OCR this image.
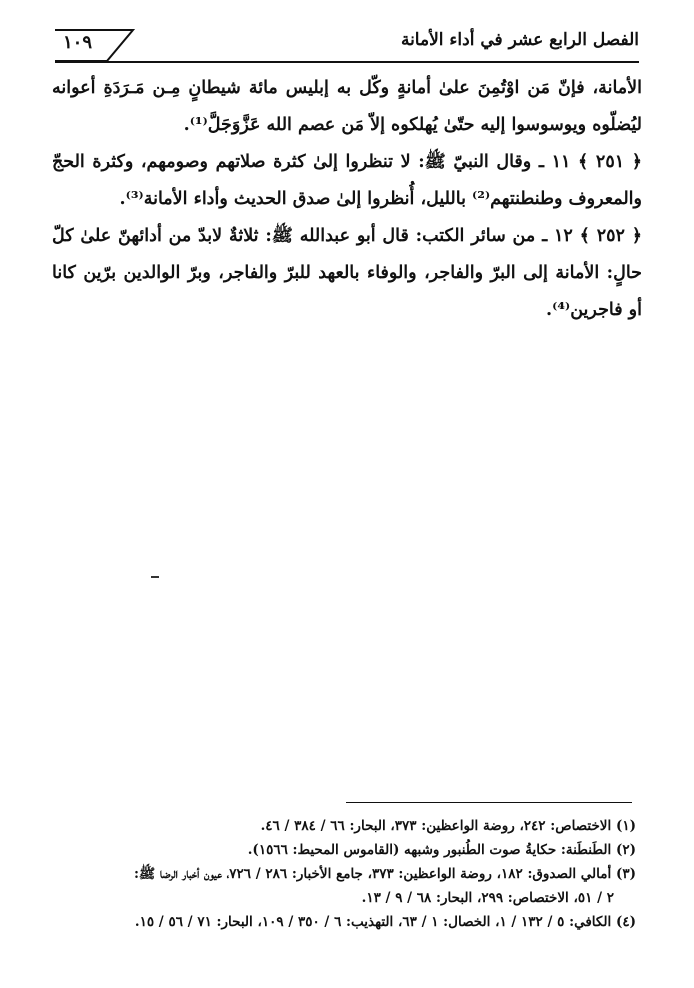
١٠٩	الفصل الرابع عشر في أداء الأمانة

الأمانة، فإنّ مَن اوْتُمِنَ علىٰ أمانةٍ وكّل به إبليس مائة شيطانٍ مِـن مَـرَدَةِ أعوانه ليُضلّوه ويوسوسوا إليه حتّىٰ يُهلكوه إلاّ مَن عصم الله عَزَّوَجَلَّ⁽¹⁾.

﴿ ٢٥١ ﴾ ١١ ـ وقال النبيّ ﷺ: لا تنظروا إلىٰ كثرة صلاتهم وصومهم، وكثرة الحجّ والمعروف وطنطنتهم⁽²⁾ بالليل، أُنظروا إلىٰ صدق الحديث وأداء الأمانة⁽³⁾.

﴿ ٢٥٢ ﴾ ١٢ ـ من سائر الكتب: قال أبو عبدالله ﷺ: ثلاثةٌ لابدّ من أدائهنّ علىٰ كلّ حالٍ: الأمانة إلى البرّ والفاجر، والوفاء بالعهد للبرّ والفاجر، وبرّ الوالدين برّين كانا أو فاجرين⁽⁴⁾.

(١) الاختصاص: ٢٤٢، روضة الواعظين: ٣٧٣، البحار: ٦٦ / ٣٨٤ / ٤٦.

(٢) الطَنطَنة: حكايةُ صوت الطُنبور وشبهه (القاموس المحيط: ١٥٦٦).

(٣) أمالي الصدوق: ١٨٢، روضة الواعظين: ٣٧٣، جامع الأخبار: ٢٨٦ / ٧٢٦، عيون أخبار الرضا ﷺ:

٢ / ٥١، الاختصاص: ٢٩٩، البحار: ٦٨ / ٩ / ١٣.

(٤) الكافي: ٥ / ١٣٢ / ١، الخصال: ١ / ٦٣، التهذيب: ٦ / ٣٥٠ / ١٠٩، البحار: ٧١ / ٥٦ / ١٥.
